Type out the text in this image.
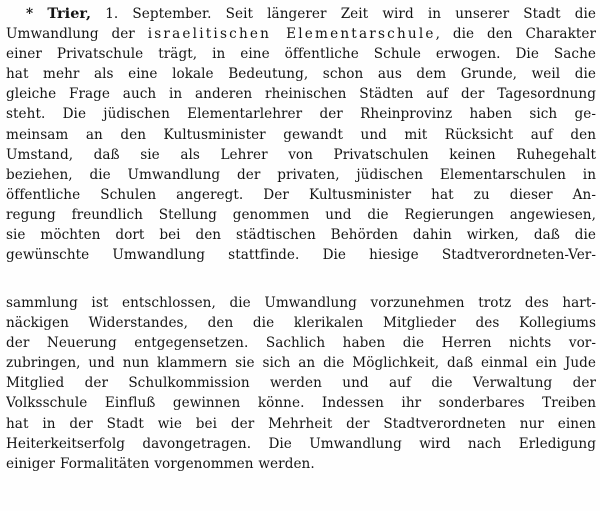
* Trier, 1. September. Seit längerer Zeit wird in unserer Stadt die
Umwandlung der israelitischen Elementarschule, die den Charakter
einer Privatschule trägt, in eine öffentliche Schule erwogen. Die Sache
hat mehr als eine lokale Bedeutung, schon aus dem Grunde, weil die
gleiche Frage auch in anderen rheinischen Städten auf der Tagesordnung
steht. Die jüdischen Elementarlehrer der Rheinprovinz haben sich ge-
meinsam an den Kultusminister gewandt und mit Rücksicht auf den
Umstand, daß sie als Lehrer von Privatschulen keinen Ruhegehalt
beziehen, die Umwandlung der privaten, jüdischen Elementarschulen in
öffentliche Schulen angeregt. Der Kultusminister hat zu dieser An-
regung freundlich Stellung genommen und die Regierungen angewiesen,
sie möchten dort bei den städtischen Behörden dahin wirken, daß die
gewünschte Umwandlung stattfinde. Die hiesige Stadtverordneten-Ver-
sammlung ist entschlossen, die Umwandlung vorzunehmen trotz des hart-
näckigen Widerstandes, den die klerikalen Mitglieder des Kollegiums
der Neuerung entgegensetzen. Sachlich haben die Herren nichts vor-
zubringen, und nun klammern sie sich an die Möglichkeit, daß einmal ein Jude
Mitglied der Schulkommission werden und auf die Verwaltung der
Volksschule Einfluß gewinnen könne. Indessen ihr sonderbares Treiben
hat in der Stadt wie bei der Mehrheit der Stadtverordneten nur einen
Heiterkeitserfolg davongetragen. Die Umwandlung wird nach Erledigung
einiger Formalitäten vorgenommen werden.
